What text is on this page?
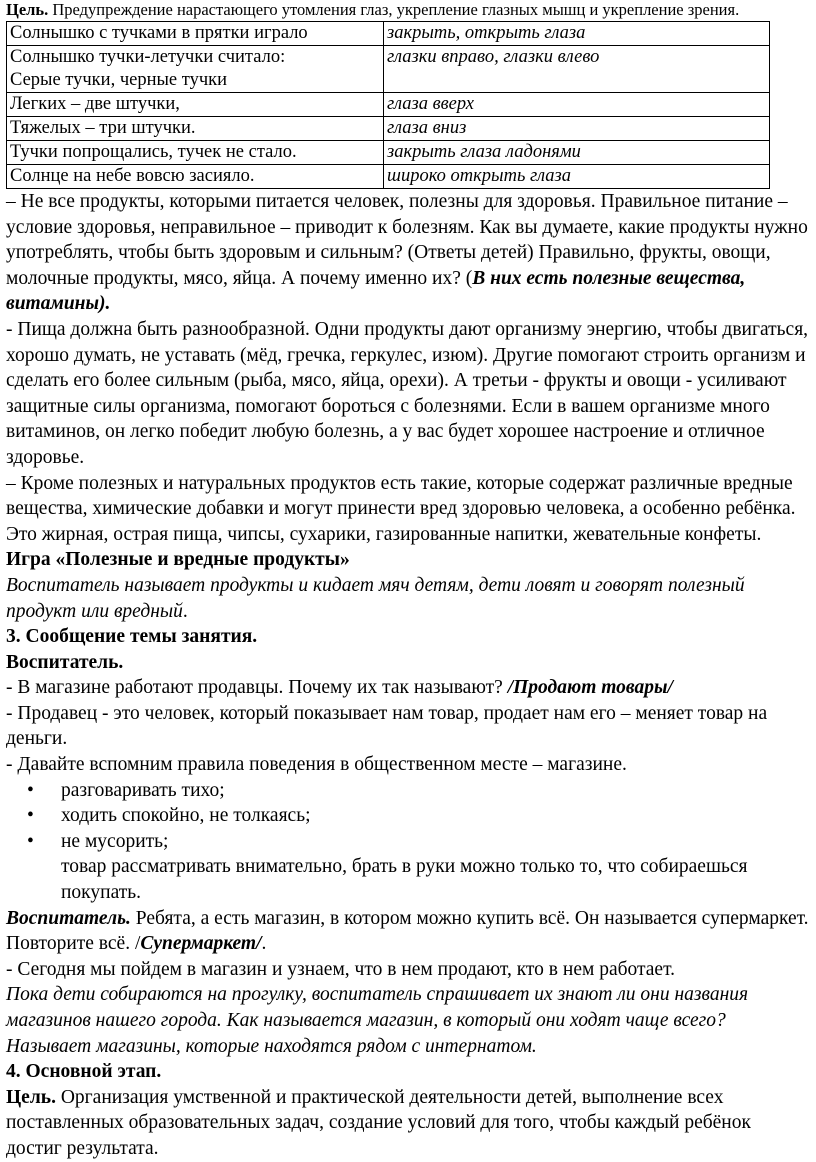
Цель. Предупреждение нарастающего утомления глаз, укрепление глазных мышц и укрепление зрения.

Солнышко с тучками в прятки играло	закрыть, открыть глаза
Солнышко тучки-летучки считало:
Серые тучки, черные тучки	глазки вправо, глазки влево
Легких – две штучки,	глаза вверх
Тяжелых – три штучки.	глаза вниз
Тучки попрощались, тучек не стало.	закрыть глаза ладонями
Солнце на небе вовсю засияло.	широко открыть глаза

– Не все продукты, которыми питается человек, полезны для здоровья. Правильное питание – условие здоровья, неправильное – приводит к болезням. Как вы думаете, какие продукты нужно употреблять, чтобы быть здоровым и сильным? (Ответы детей) Правильно, фрукты, овощи, молочные продукты, мясо, яйца. А почему именно их? (В них есть полезные вещества, витамины).

- Пища должна быть разнообразной. Одни продукты дают организму энергию, чтобы двигаться, хорошо думать, не уставать (мёд, гречка, геркулес, изюм). Другие помогают строить организм и сделать его более сильным (рыба, мясо, яйца, орехи). А третьи - фрукты и овощи - усиливают защитные силы организма, помогают бороться с болезнями. Если в вашем организме много витаминов, он легко победит любую болезнь, а у вас будет хорошее настроение и отличное здоровье.

– Кроме полезных и натуральных продуктов есть такие, которые содержат различные вредные вещества, химические добавки и могут принести вред здоровью человека, а особенно ребёнка. Это жирная, острая пища, чипсы, сухарики, газированные напитки, жевательные конфеты.

Игра «Полезные и вредные продукты»

Воспитатель называет продукты и кидает мяч детям, дети ловят и говорят полезный продукт или вредный.

3. Сообщение темы занятия.

Воспитатель.

- В магазине работают продавцы. Почему их так называют? /Продают товары/

- Продавец - это человек, который показывает нам товар, продает нам его – меняет товар на деньги.

- Давайте вспомним правила поведения в общественном месте – магазине.

• разговаривать тихо;
• ходить спокойно, не толкаясь;
• не мусорить;

товар рассматривать внимательно, брать в руки можно только то, что собираешься покупать.

Воспитатель. Ребята, а есть магазин, в котором можно купить всё. Он называется супермаркет. Повторите всё. /Супермаркет/.

- Сегодня мы пойдем в магазин и узнаем, что в нем продают, кто в нем работает.

Пока дети собираются на прогулку, воспитатель спрашивает их знают ли они названия магазинов нашего города. Как называется магазин, в который они ходят чаще всего? Называет магазины, которые находятся рядом с интернатом.

4. Основной этап.

Цель. Организация умственной и практической деятельности детей, выполнение всех поставленных образовательных задач, создание условий для того, чтобы каждый ребёнок достиг результата.
